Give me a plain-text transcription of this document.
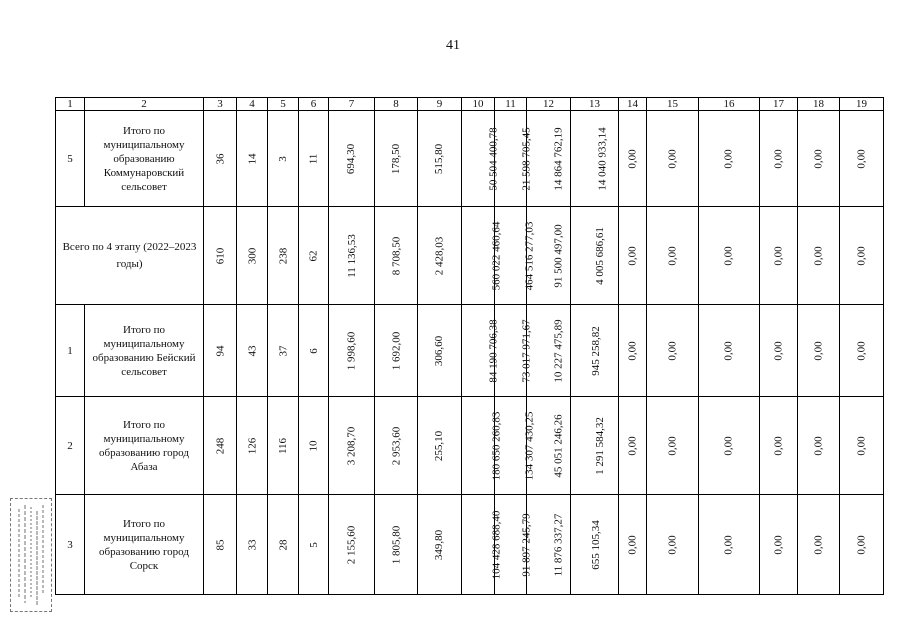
41
1	2	3	4	5	6	7	8	9	10	11	12	13	14	15	16	17	18	19
5	Итого по муниципальному образованию Коммунаровский сельсовет	36	14	3	11	694,30	178,50	515,80	50 504 400,78	21 598 705,45	14 864 762,19	14 040 933,14	0,00	0,00	0,00	0,00	0,00	0,00
Всего по 4 этапу (2022–2023 годы)		610	300	238	62	11 136,53	8 708,50	2 428,03	560 022 460,64	464 516 277,03	91 500 497,00	4 005 686,61	0,00	0,00	0,00	0,00	0,00	0,00
1	Итого по муниципальному образованию Бейский сельсовет	94	43	37	6	1 998,60	1 692,00	306,60	84 190 706,38	73 017 971,67	10 227 475,89	945 258,82	0,00	0,00	0,00	0,00	0,00	0,00
2	Итого по муниципальному образованию город Абаза	248	126	116	10	3 208,70	2 953,60	255,10	180 650 260,83	134 307 430,25	45 051 246,26	1 291 584,32	0,00	0,00	0,00	0,00	0,00	0,00
3	Итого по муниципальному образованию город Сорск	85	33	28	5	2 155,60	1 805,80	349,80	104 428 688,40	91 897 245,79	11 876 337,27	655 105,34	0,00	0,00	0,00	0,00	0,00	0,00
